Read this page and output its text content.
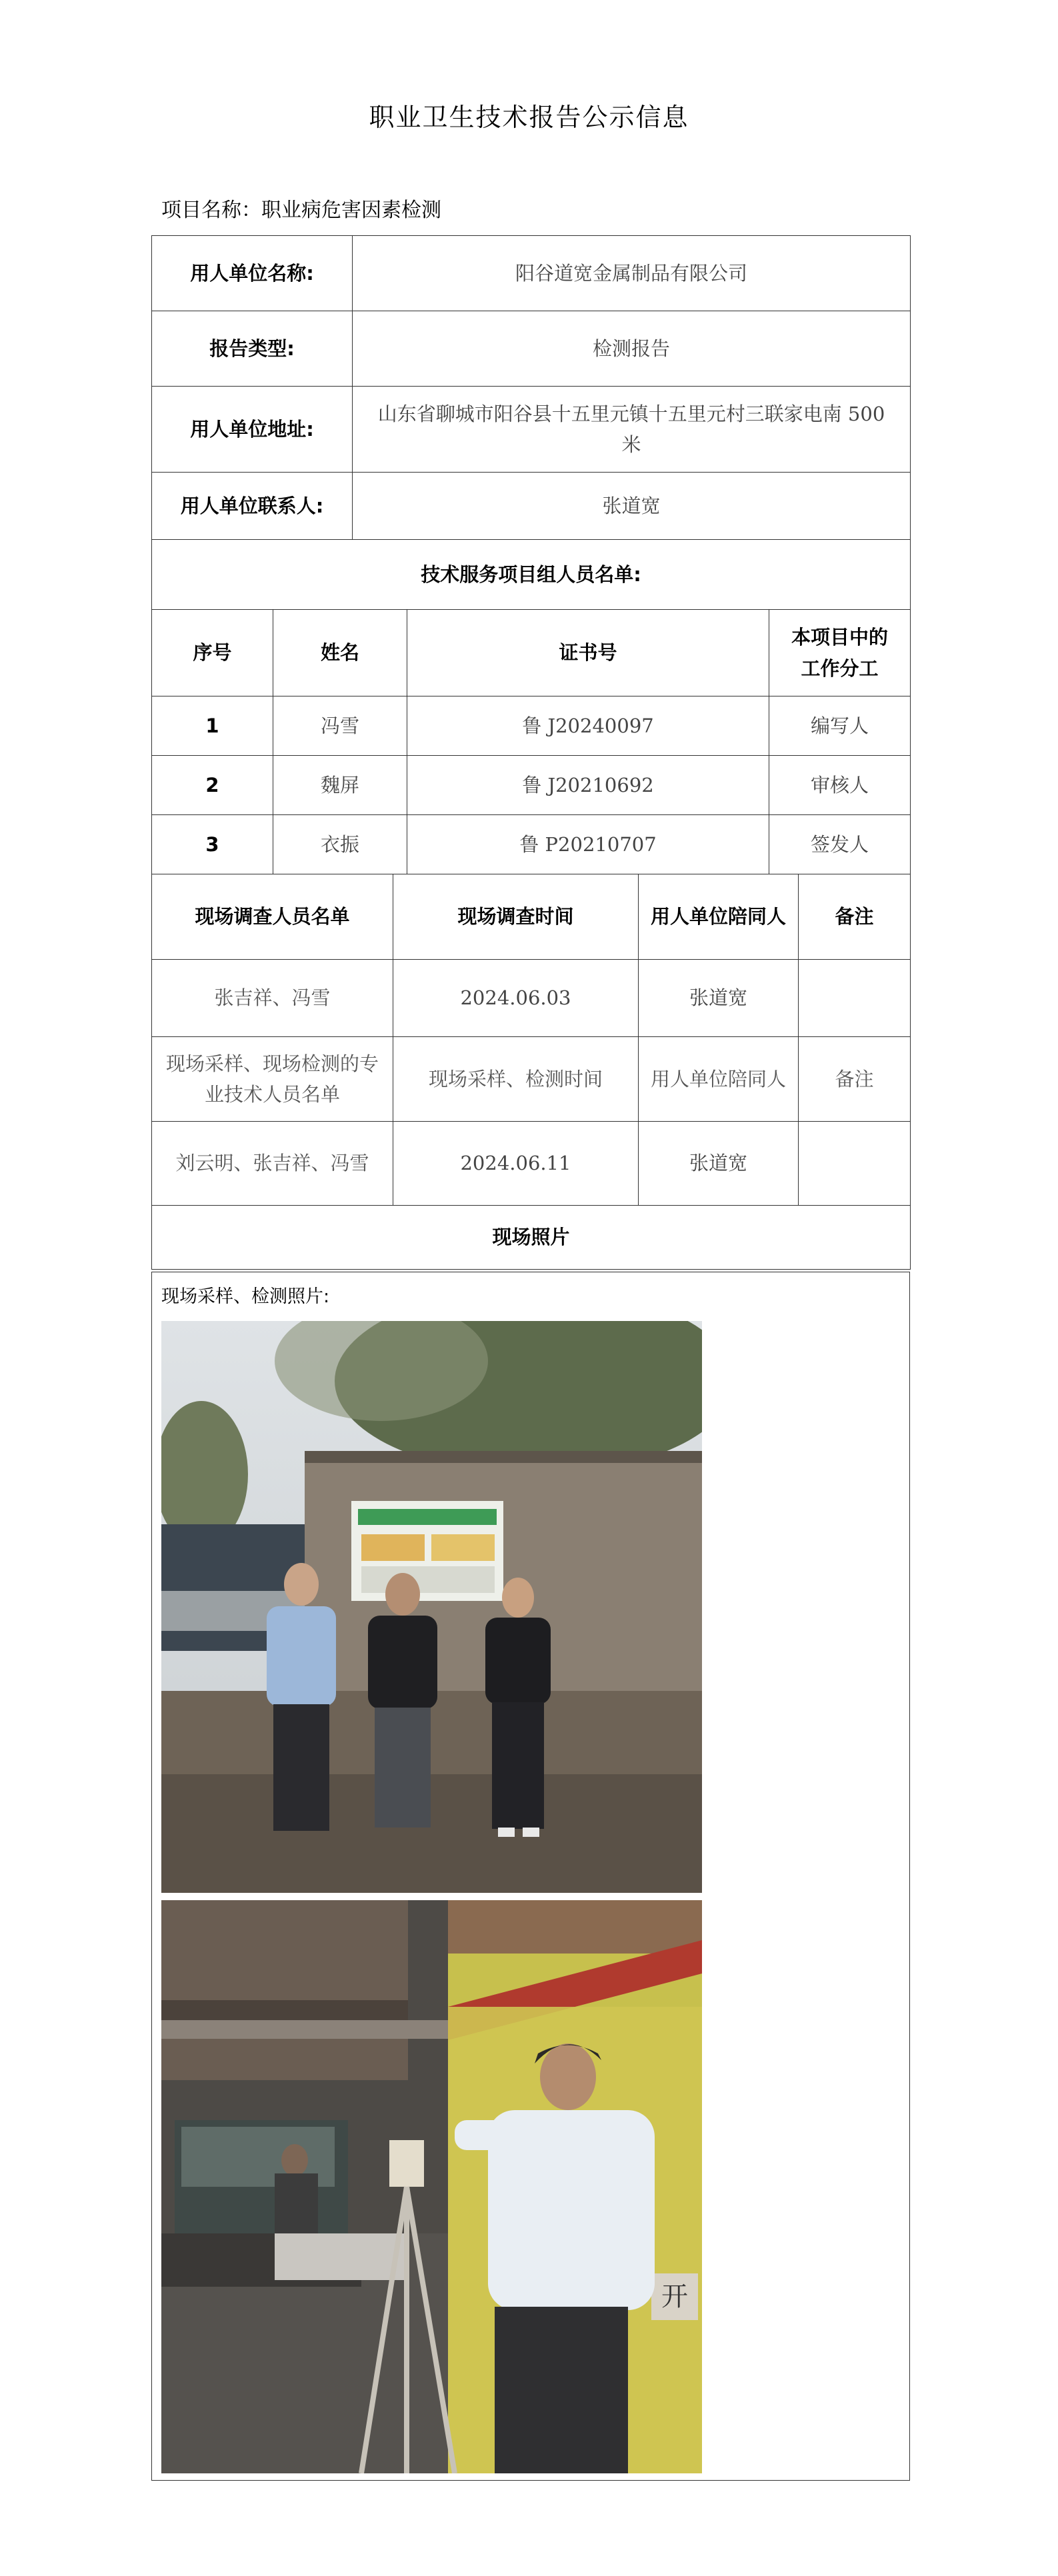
职业卫生技术报告公示信息
项目名称：职业病危害因素检测
用人单位名称:	阳谷道宽金属制品有限公司
报告类型:	检测报告
用人单位地址:	山东省聊城市阳谷县十五里元镇十五里元村三联家电南 500 米
用人单位联系人:	张道宽
技术服务项目组人员名单:			
序号	姓名	证书号	本项目中的工作分工
1	冯雪	鲁 J20240097	编写人
2	魏屏	鲁 J20210692	审核人
3	衣振	鲁 P20210707	签发人
现场调查人员名单	现场调查时间	用人单位陪同人	备注
张吉祥、冯雪	2024.06.03	张道宽	
现场采样、现场检测的专业技术人员名单	现场采样、检测时间	用人单位陪同人	备注
刘云明、张吉祥、冯雪	2024.06.11	张道宽	
现场照片			
现场采样、检测照片:
开
